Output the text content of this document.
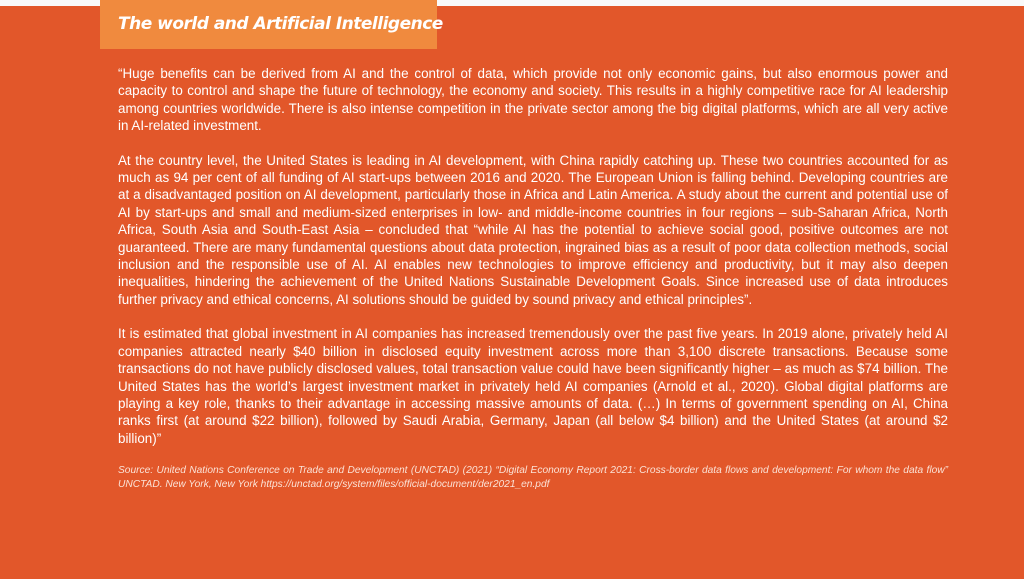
The world and Artificial Intelligence

“Huge benefits can be derived from AI and the control of data, which provide not only economic gains, but also enormous power and capacity to control and shape the future of technology, the economy and society. This results in a highly competitive race for AI leadership among countries worldwide. There is also intense competition in the private sector among the big digital platforms, which are all very active in AI-related investment.

At the country level, the United States is leading in AI development, with China rapidly catching up. These two countries accounted for as much as 94 per cent of all funding of AI start-ups between 2016 and 2020. The European Union is falling behind. Developing countries are at a disadvantaged position on AI development, particularly those in Africa and Latin America. A study about the current and potential use of AI by start-ups and small and medium-sized enterprises in low- and middle-income countries in four regions – sub-Saharan Africa, North Africa, South Asia and South-East Asia – concluded that “while AI has the potential to achieve social good, positive outcomes are not guaranteed. There are many fundamental questions about data protection, ingrained bias as a result of poor data collection methods, social inclusion and the responsible use of AI. AI enables new technologies to improve efficiency and productivity, but it may also deepen inequalities, hindering the achievement of the United Nations Sustainable Development Goals. Since increased use of data introduces further privacy and ethical concerns, AI solutions should be guided by sound privacy and ethical principles”.

It is estimated that global investment in AI companies has increased tremendously over the past five years. In 2019 alone, privately held AI companies attracted nearly $40 billion in disclosed equity investment across more than 3,100 discrete transactions. Because some transactions do not have publicly disclosed values, total transaction value could have been significantly higher – as much as $74 billion. The United States has the world’s largest investment market in privately held AI companies (Arnold et al., 2020). Global digital platforms are playing a key role, thanks to their advantage in accessing massive amounts of data. (…) In terms of government spending on AI, China ranks first (at around $22 billion), followed by Saudi Arabia, Germany, Japan (all below $4 billion) and the United States (at around $2 billion)”

Source: United Nations Conference on Trade and Development (UNCTAD) (2021) “Digital Economy Report 2021: Cross-border data flows and development: For whom the data flow” UNCTAD. New York, New York https://unctad.org/system/files/official-document/der2021_en.pdf
